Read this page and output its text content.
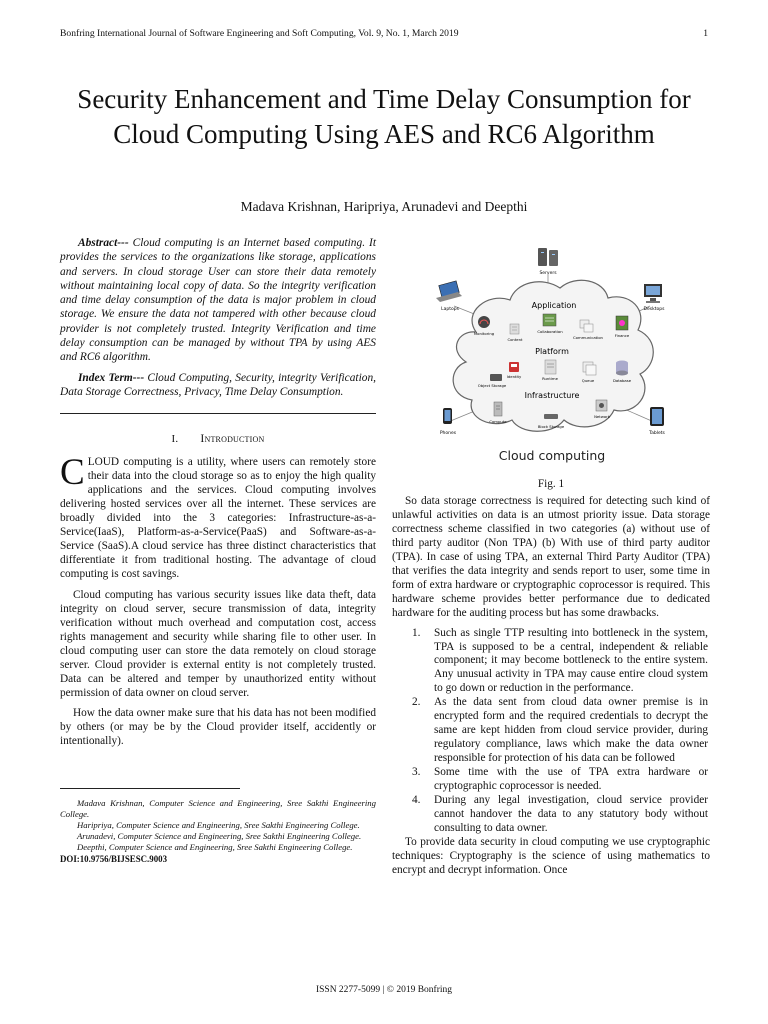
Bonfring International Journal of Software Engineering and Soft Computing, Vol. 9, No. 1, March 2019	1
Security Enhancement and Time Delay Consumption for Cloud Computing Using AES and RC6 Algorithm
Madava Krishnan, Haripriya, Arunadevi and Deepthi

Abstract--- Cloud computing is an Internet based computing. It provides the services to the organizations like storage, applications and servers. In cloud storage User can store their data remotely without maintaining local copy of data. So the integrity verification and time delay consumption of the data is major problem in cloud storage. We ensure the data not tampered with other because cloud provider is not completely trusted. Integrity Verification and time delay consumption can be managed by without TPA by using AES and RC6 algorithm.

Index Term--- Cloud Computing, Security, integrity Verification, Data Storage Correctness, Privacy, Time Delay Consumption.

I. Introduction

CLOUD computing is a utility, where users can remotely store their data into the cloud storage so as to enjoy the high quality applications and the services. Cloud computing involves delivering hosted services over all the internet. These services are broadly divided into the 3 categories: Infrastructure-as-a-Service(IaaS), Platform-as-a-Service(PaaS) and Software-as-a-Service (SaaS).A cloud service has three distinct characteristics that differentiate it from traditional hosting. The advantage of cloud computing is cost savings.

Cloud computing has various security issues like data theft, data integrity on cloud server, secure transmission of data, integrity verification without much overhead and computation cost, access rights management and security while sharing file to other user. In cloud computing user can store the data remotely on cloud storage server. Cloud provider is external entity is not completely trusted. Data can be altered and temper by unauthorized entity without permission of data owner on cloud server.

How the data owner make sure that his data has not been modified by others (or may be by the Cloud provider itself, accidently or intentionally).

Madava Krishnan, Computer Science and Engineering, Sree Sakthi Engineering College.

Haripriya, Computer Science and Engineering, Sree Sakthi Engineering College.

Arunadevi, Computer Science and Engineering, Sree Sakthi Engineering College.

Deepthi, Computer Science and Engineering, Sree Sakthi Engineering College.

DOI:10.9756/BIJSESC.9003
Servers
Laptops	Desktops
Phones	Tablets
Application
Platform
Infrastructure
Monitoring
Content
Collaboration
Communication	Finance
Identity
Object Storage
Runtime	Queue	Database
Compute
Block Storage
Network
Cloud computing
Fig. 1

So data storage correctness is required for detecting such kind of unlawful activities on data is an utmost priority issue. Data storage correctness scheme classified in two categories (a) without use of third party auditor (Non TPA) (b) With use of third party auditor (TPA). In case of using TPA, an external Third Party Auditor (TPA) that verifies the data integrity and sends report to user, some time in form of extra hardware or cryptographic coprocessor is required. This hardware scheme provides better performance due to dedicated hardware for the auditing process but has some drawbacks.

1. Such as single TTP resulting into bottleneck in the system, TPA is supposed to be a central, independent & reliable component; it may become bottleneck to the entire system. Any unusual activity in TPA may cause entire cloud system to go down or reduction in the performance.
2. As the data sent from cloud data owner premise is in encrypted form and the required credentials to decrypt the same are kept hidden from cloud service provider, during regulatory compliance, laws which make the data owner responsible for protection of his data can be followed
3. Some time with the use of TPA extra hardware or cryptographic coprocessor is needed.
4. During any legal investigation, cloud service provider cannot handover the data to any statutory body without consulting to data owner.

To provide data security in cloud computing we use cryptographic techniques: Cryptography is the science of using mathematics to encrypt and decrypt information. Once

ISSN 2277-5099 | © 2019 Bonfring
